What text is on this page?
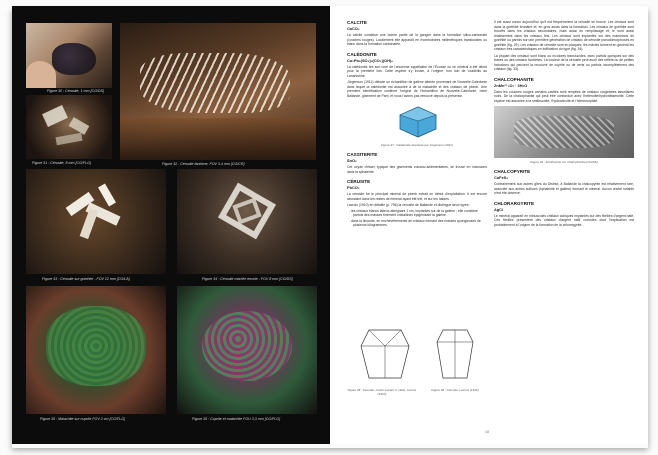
Figure 30 : Cérusite, 1 mm [CG/DS]
Figure 31 : Cérusite, 8 mm [CG/FLG]	Figure 32 : Cérusite fantôme, FOV 3.4 mm [CG/CR]
Figure 33 : Cérusite sur goethite - FOV 12 mm [CG/LA]	Figure 34 : Cérusite maclée envoie - FOV 8 mm [CG/DS]
Figure 35 : Malachite sur cuprite FOV 2 cm [CG/FLG]	Figure 35 : Cuprite et malachite FOU 3,3 mm [CG/FLG]
CALCITE
CaCO₃
La calcite constitue une bonne partie de la gangue dans la formation silico-carbonaté (couches rouges). Localement elle apparaît en rhomboèdres millimétriques translucides ou blanc dans la formation carbonatée.
CALÉDONITE
Cu₂Pb₅(SO₄)₃(CO₃)(OH)₆
La calédonite tire son nom de l'ancienne appellation de l'Écosse où ce minéral a été décrit pour la première fois. Cette espèce s'y trouve, à l'origine, non loin de Leadhills au Lanarkshire.
Jürgenson (1911) débute un échantillon de galène altérée provenant de Nouvelle-Calédonie dans lequel la calédonite est associée à de la malachite et des cristaux de plomb. Une première identification confirme l'origine de l'échantillon de Nouvelle-Calédonie, mine Ballande, gisement de Pam, et nous l'avons pas retrouvé depuis la présence.
Figure 47 : Calédonite dessinée par Jürgenson (1911)
CASSITERITE
SnO₂
Cet oxyde d'étain, typique des gisements volcano-sédimentaires, se trouve en inclusions dans la sphalérite.
CÉRUSITE
PbCO₃
La cérusite fut le principal minerai de plomb extrait en début d'exploitation. Il est encore abondant dans les restes de minerai ayant été trié, et sur les haldes.
Lacroix (1910) en détaille (p. 796) la cérusite de Ballande et distingue deux types :
- les cristaux blancs laiteux atteignant 1 cm, implantés sur de la galène ; elle constitue parfois des masses finement cristallines épigénisant la galène.
- dans la limonite, en enchevêtrements de cristaux formant des masses spongieuses de plusieurs kilogrammes.
Figure 48 : Cérusite, macle suivant m (110), Lacroix (1910)
Figure 48 : Cérusite, Lacroix (1910)
Il est aussi connu aujourd'hui qu'il est fréquemment la cérusite se trouve. Les cristaux sont dans la goethite brunâtre et, en gros amas dans la formation. Les cristaux de goethite sont trouvés dans les cristaux secondaires, mais aussi en remplissage et, le sont aussi relativement dans les cristaux fins. Les cristaux sont implantés sur des mamelons de goethite ou parfois sur une première génération de cristaux de cérusite pseudomorphosés en goethite (fig. 29). Les cristaux de cérusite sont en plaques; les mâcles forment en général les cristaux très caractéristiques en édification du type (fig. 34).
La plupart des cristaux sont blanc ou incolores translucides, avec parfois quelques sur des traces ou des cristaux fantômes. La couleur de la cérusite peut avoir des reflets ou de petites inclusions qui peuvent la recouvrir de cuprite ou de verts ou parfois incomplètement des cristaux (fig. 33).
CHALCOPHANITE
ZnMn³⁺₃O₇ · 3H₂O
Dans les couches rouges certains cavités sont remplies de cristaux rougeâtres lamellaires noirs. De la chalcophanite qui peut être confondue avec l'hétérolite/hydrohétaerolite. Cette espèce est associée à la smithsonite, l'hydrozincite et l'hémimorphite.
Figure 49 : Smithsonite sur chalcophanite [CG/DS]
CHALCOPYRITE
CuFeS₂
Contrairement aux autres gîtes du District, à Ballande la chalcopyrite est relativement rare, associée aux autres sulfures (sphalérite et galène) formant le minerai. Aucun cristal notable n'est été observé.
CHLORARGYRITE
AgCl
Le minéral apparaît en minuscules cristaux cubiques implantés sur des fibrilles d'argent natif. Ces fibrilles présentent des cristaux d'argent natif corrodés dont l'explication est probablement à l'origine de la formation de la chlorargyrite.
18
